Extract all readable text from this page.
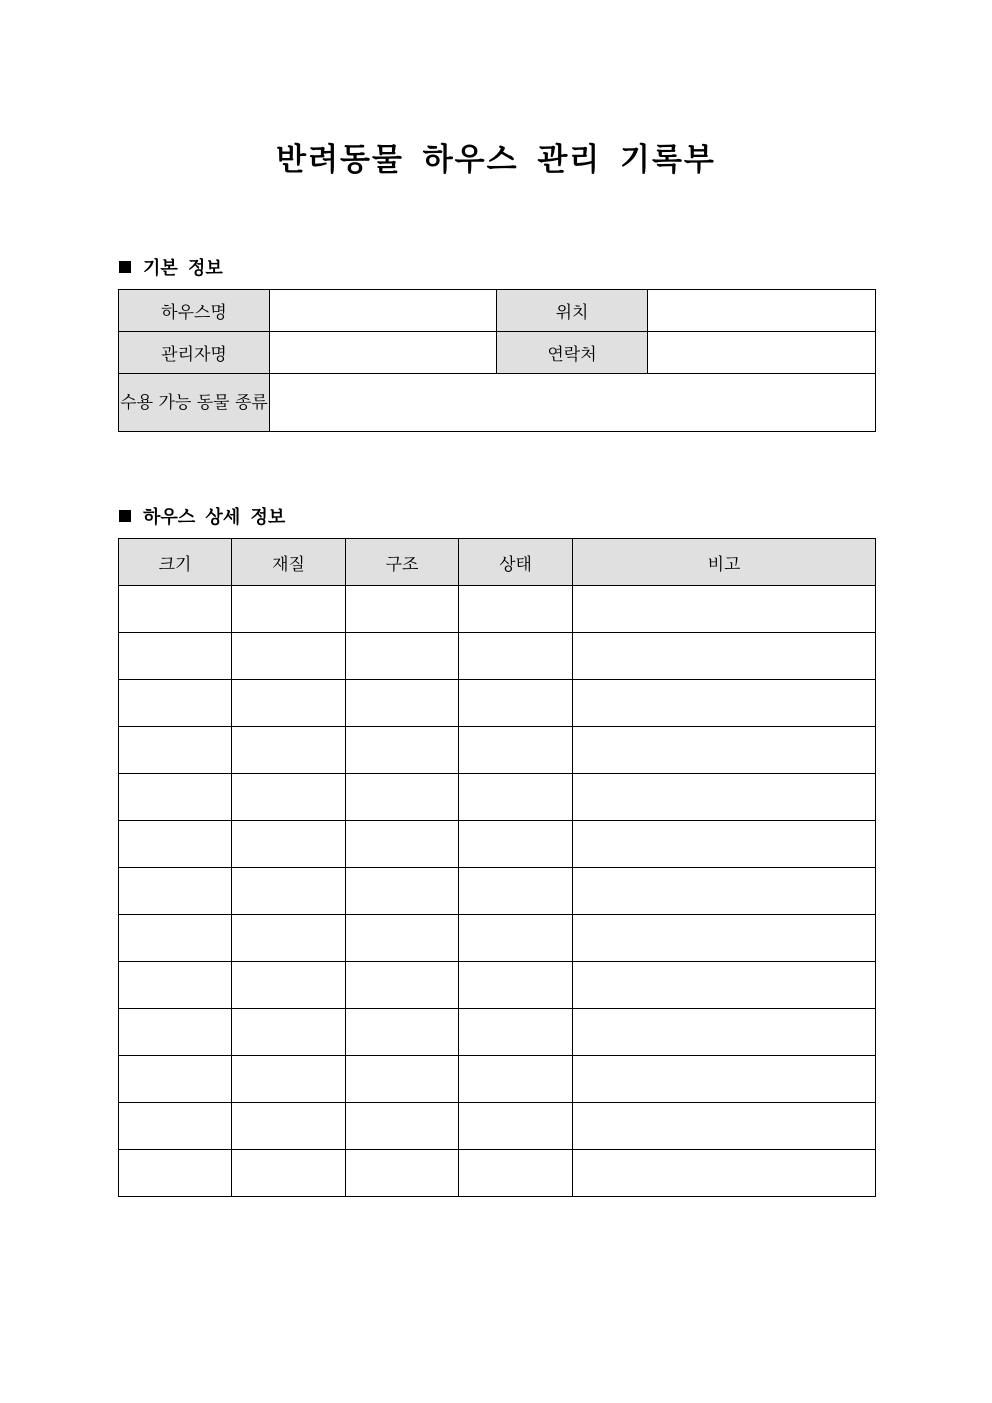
반려동물 하우스 관리 기록부
기본 정보
하우스명		위치	
관리자명		연락처	
수용 가능 동물 종류			
하우스 상세 정보
크기	재질	구조	상태	비고
